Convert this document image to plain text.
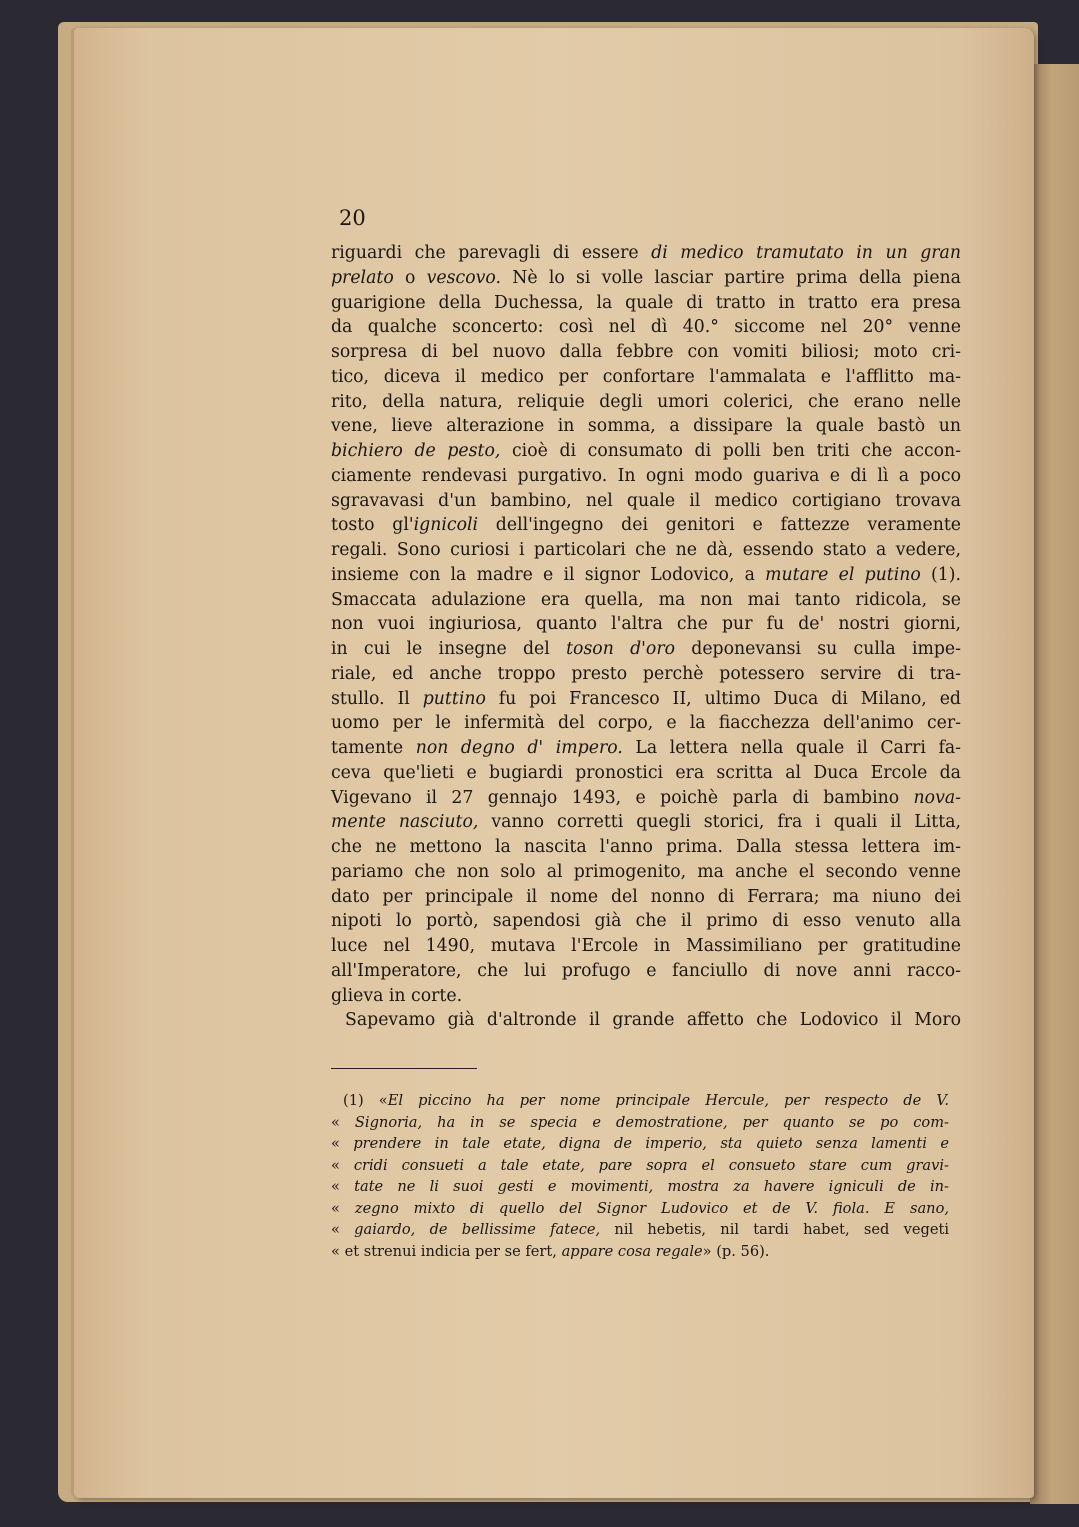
20
riguardi che parevagli di essere di medico tramutato in un gran
prelato o vescovo. Nè lo si volle lasciar partire prima della piena
guarigione della Duchessa, la quale di tratto in tratto era presa
da qualche sconcerto: così nel dì 40.° siccome nel 20° venne
sorpresa di bel nuovo dalla febbre con vomiti biliosi; moto cri-
tico, diceva il medico per confortare l'ammalata e l'afflitto ma-
rito, della natura, reliquie degli umori colerici, che erano nelle
vene, lieve alterazione in somma, a dissipare la quale bastò un
bichiero de pesto, cioè di consumato di polli ben triti che accon-
ciamente rendevasi purgativo. In ogni modo guariva e di lì a poco
sgravavasi d'un bambino, nel quale il medico cortigiano trovava
tosto gl'ignicoli dell'ingegno dei genitori e fattezze veramente
regali. Sono curiosi i particolari che ne dà, essendo stato a vedere,
insieme con la madre e il signor Lodovico, a mutare el putino (1).
Smaccata adulazione era quella, ma non mai tanto ridicola, se
non vuoi ingiuriosa, quanto l'altra che pur fu de' nostri giorni,
in cui le insegne del toson d'oro deponevansi su culla impe-
riale, ed anche troppo presto perchè potessero servire di tra-
stullo. Il puttino fu poi Francesco II, ultimo Duca di Milano, ed
uomo per le infermità del corpo, e la fiacchezza dell'animo cer-
tamente non degno d' impero. La lettera nella quale il Carri fa-
ceva que'lieti e bugiardi pronostici era scritta al Duca Ercole da
Vigevano il 27 gennajo 1493, e poichè parla di bambino nova-
mente nasciuto, vanno corretti quegli storici, fra i quali il Litta,
che ne mettono la nascita l'anno prima. Dalla stessa lettera im-
pariamo che non solo al primogenito, ma anche el secondo venne
dato per principale il nome del nonno di Ferrara; ma niuno dei
nipoti lo portò, sapendosi già che il primo di esso venuto alla
luce nel 1490, mutava l'Ercole in Massimiliano per gratitudine
all'Imperatore, che lui profugo e fanciullo di nove anni racco-
glieva in corte.
Sapevamo già d'altronde il grande affetto che Lodovico il Moro
(1) «El piccino ha per nome principale Hercule, per respecto de V.
« Signoria, ha in se specia e demostratione, per quanto se po com-
« prendere in tale etate, digna de imperio, sta quieto senza lamenti e
« cridi consueti a tale etate, pare sopra el consueto stare cum gravi-
« tate ne li suoi gesti e movimenti, mostra za havere igniculi de in-
« zegno mixto di quello del Signor Ludovico et de V. fiola. E sano,
« gaiardo, de bellissime fatece, nil hebetis, nil tardi habet, sed vegeti
« et strenui indicia per se fert, appare cosa regale» (p. 56).
